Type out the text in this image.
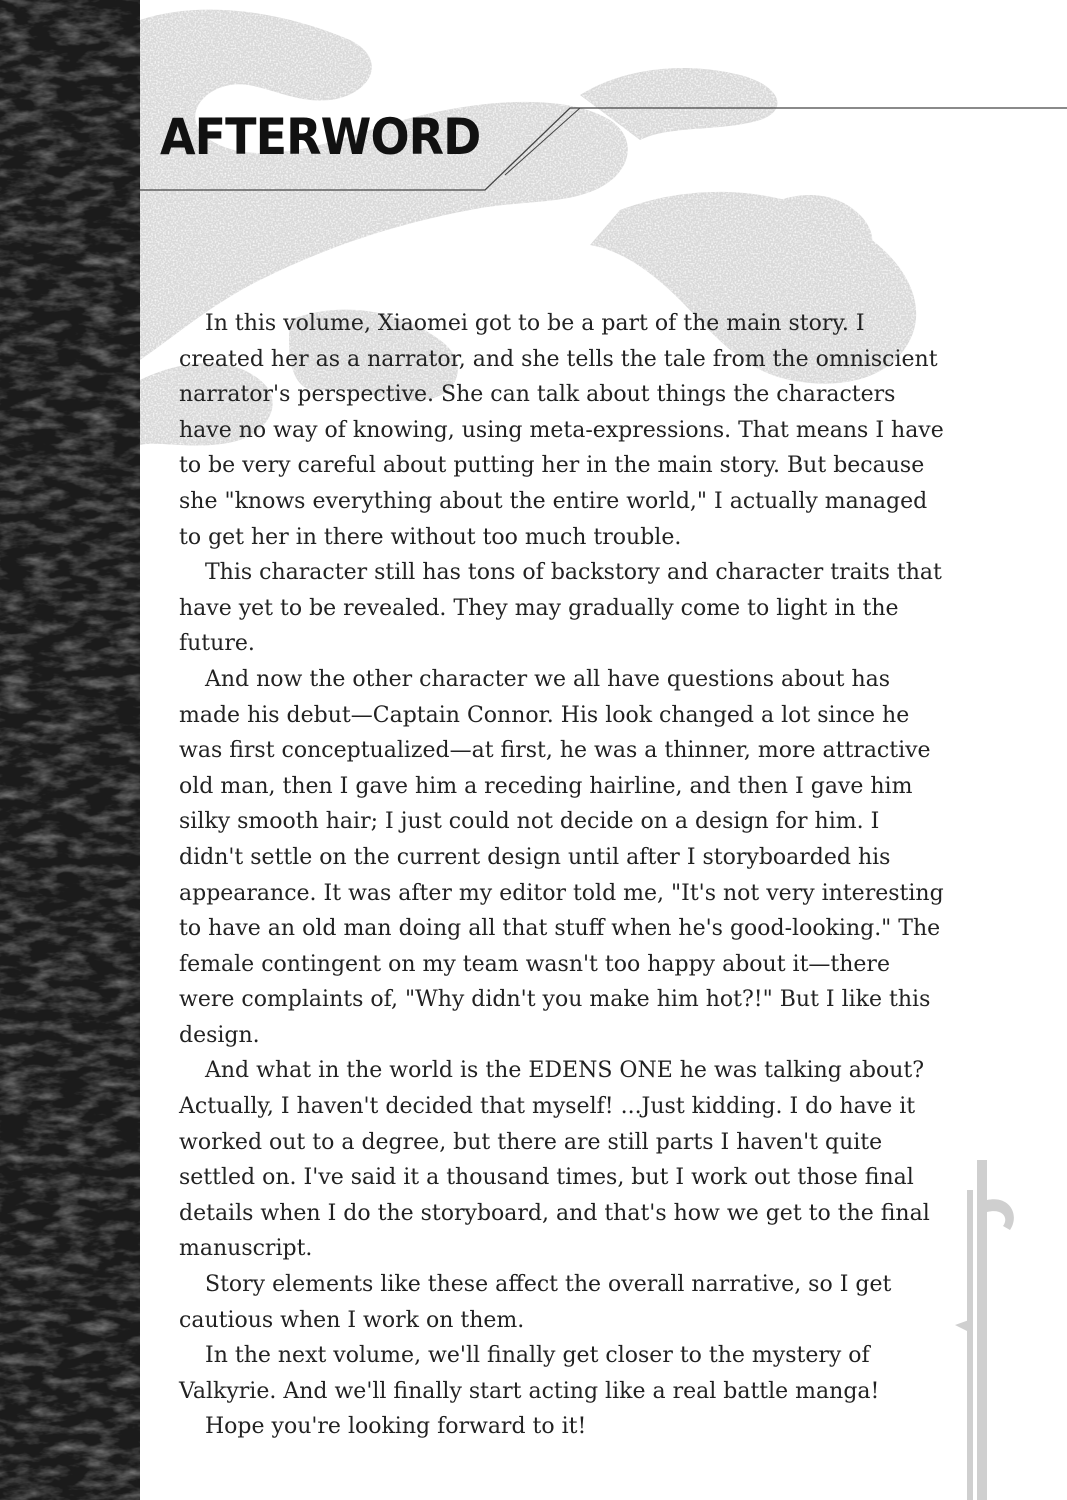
AFTERWORD

In this volume, Xiaomei got to be a part of the main story. I created her as a narrator, and she tells the tale from the omniscient narrator's perspective. She can talk about things the characters have no way of knowing, using meta-expressions. That means I have to be very careful about putting her in the main story. But because she "knows everything about the entire world," I actually managed to get her in there without too much trouble.

This character still has tons of backstory and character traits that have yet to be revealed. They may gradually come to light in the future.

And now the other character we all have questions about has made his debut—Captain Connor. His look changed a lot since he was first conceptualized—at first, he was a thinner, more attractive old man, then I gave him a receding hairline, and then I gave him silky smooth hair; I just could not decide on a design for him. I didn't settle on the current design until after I storyboarded his appearance. It was after my editor told me, "It's not very interesting to have an old man doing all that stuff when he's good-looking." The female contingent on my team wasn't too happy about it—there were complaints of, "Why didn't you make him hot?!" But I like this design.

And what in the world is the EDENS ONE he was talking about? Actually, I haven't decided that myself! ...Just kidding. I do have it worked out to a degree, but there are still parts I haven't quite settled on. I've said it a thousand times, but I work out those final details when I do the storyboard, and that's how we get to the final manuscript.

Story elements like these affect the overall narrative, so I get cautious when I work on them.

In the next volume, we'll finally get closer to the mystery of Valkyrie. And we'll finally start acting like a real battle manga!

Hope you're looking forward to it!
